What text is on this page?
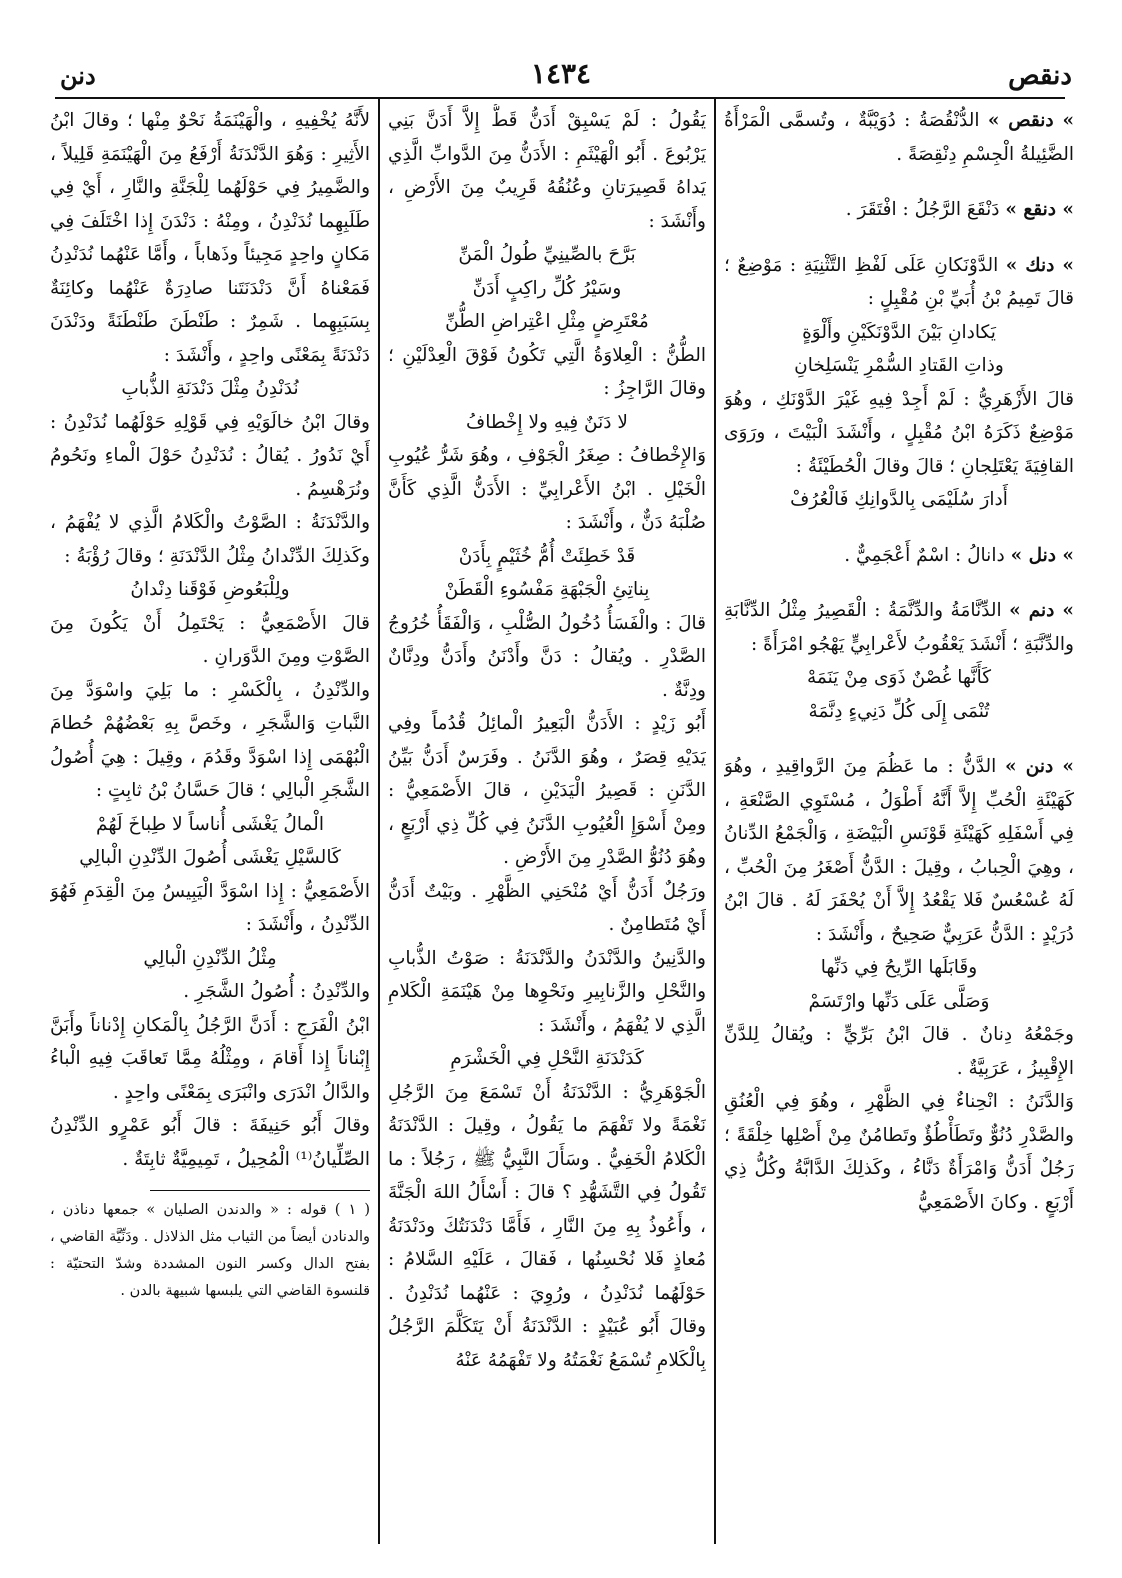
دنن	١٤٣٤	دنقص

» دنقص » الدُّنْقُصَةُ : دُوَيْبَّةٌ ، وتُسمَّى الْمَرْأَةُ الضَّئِيلةُ الْجِسْمِ دِنْقِصَةً .

» دنقع » دَنْقَعَ الرَّجُلُ : افْتَقَرَ .

» دنك » الدَّوْنَكانِ عَلَى لَفْظِ التَّثْنِيَةِ : مَوْضِعٌ ؛ قالَ تَمِيمُ بْنُ أُبَيِّ بْنِ مُقْبِلٍ :

يَكادانِ بَيْنَ الدَّوْنَكَيْنِ وأَلْوَةٍ

وذاتِ القَتادِ السُّمْرِ يَنْسَلِخانِ

قالَ الأَزْهَرِيُّ : لَمْ أَجِدْ فِيهِ غَيْرَ الدَّوْنَكِ ، وهُوَ مَوْضِعٌ ذَكَرَهُ ابْنُ مُقْبِلٍ ، وأَنْشَدَ الْبَيْتَ ، ورَوَى القافِيَةَ يَعْتَلِجانِ ؛ قالَ وقالَ الْحُطَيْئَةُ :

أَدارَ سُلَيْمَى بِالدَّوانِكِ فَالْعُرُفْ

» دنل » دانالُ : اسْمٌ أَعْجَمِيٌّ .

» دنم » الدِّنَّامَةُ والدِّنَّمَةُ : الْقَصِيرُ مِثْلُ الدِّنَّابَةِ والدِّنَّبَةِ ؛ أَنْشَدَ يَعْقُوبُ لأَعْرابِيٍّ يَهْجُو امْرَأَةً :

كَأَنَّها غُصْنٌ ذَوَى مِنْ يَنَمَهْ

تُنْمَى إِلَى كُلِّ دَنِيءٍ دِنَّمَهْ

» دنن » الدَّنُّ : ما عَظُمَ مِنَ الرَّواقِيدِ ، وهُوَ كَهَيْئَةِ الْحُبِّ إِلاَّ أَنَّهُ أَطْوَلُ ، مُسْتَوِي الصَّنْعَةِ ، فِي أَسْفَلِهِ كَهَيْئَةِ قَوْنَسِ الْبَيْضَةِ ، وَالْجَمْعُ الدِّنانُ ، وهِيَ الْحِبابُ ، وقِيلَ : الدَّنُّ أَصْغَرُ مِنَ الْحُبِّ ، لَهُ عُسْعُسٌ فَلا يَقْعُدُ إِلاَّ أَنْ يُحْفَرَ لَهُ . قالَ ابْنُ دُرَيْدٍ : الدَّنُّ عَرَبِيٌّ صَحِيحٌ ، وأَنْشَدَ :

وقَابَلَها الرِّيحُ فِي دَنِّها

وَصَلَّى عَلَى دَنِّها وارْتَسَمْ

وجَمْعُهُ دِنانٌ . قالَ ابْنُ بَرِّيٍّ : ويُقالُ لِلدَّنِّ الإِقْبِيزُ ، عَرَبِيَّةٌ .

وَالدَّنَنُ : انْحِناءٌ فِي الظَّهْرِ ، وهُوَ فِي الْعُنُقِ والصَّدْرِ دُنُوٌّ وتَطَأْطُؤٌ وتَطامُنٌ مِنْ أَصْلِها خِلْقَةً ؛ رَجُلٌ أَدَنُّ وَامْرَأَةٌ دَنَّاءُ ، وكَذلِكَ الدَّابَّةُ وكُلُّ ذِي أَرْبَعٍ . وكانَ الأَصْمَعِيُّ

يَقُولُ : لَمْ يَسْبِقْ أَدَنُّ قَطُّ إِلاَّ أَدَنَّ بَنِي يَرْبُوعَ . أَبُو الْهَيْثَمِ : الأَدَنُّ مِنَ الدَّوابِّ الَّذِي يَداهُ قَصِيرَتانِ وعُنُقُهُ قَرِيبٌ مِنَ الأَرْضِ ، وأَنْشَدَ :

بَرَّحَ بالصِّينِيِّ طُولُ الْمَنِّ

وسَيْرُ كُلِّ راكِبٍ أَدَنِّ

مُعْتَرِضٍ مِثْلِ اعْتِراضِ الطُّنِّ

الطُّنُّ : الْعِلاوَةُ الَّتِي تَكُونُ فَوْقَ الْعِدْلَيْنِ ؛ وقالَ الرَّاجِزُ :

لا دَنَنٌ فِيهِ ولا إِخْطافُ

وَالإِخْطافُ : صِغَرُ الْجَوْفِ ، وهُوَ شَرُّ عُيُوبِ الْخَيْلِ . ابْنُ الأَعْرابِيِّ : الأَدَنُّ الَّذِي كَأَنَّ صُلْبَهُ دَنٌّ ، وأَنْشَدَ :

قَدْ خَطِئَتْ أُمُّ خُثَيْمٍ بِأَدَنْ

بِناتِئِ الْجَبْهَةِ مَفْسُوءِ الْقَطَنْ

قالَ : والْفَسَأُ دُخُولُ الصُّلْبِ ، وَالْفَقَأُ خُرُوجُ الصَّدْرِ . ويُقالُ : دَنَّ وأَدْنَنُ وأَدَنُّ ودِنَّانٌ ودِنَّةٌ .

أَبُو زَيْدٍ : الأَدَنُّ الْبَعِيرُ الْمائِلُ قُدُماً وفِي يَدَيْهِ قِصَرٌ ، وهُوَ الدَّنَنُ . وفَرَسٌ أَدَنُّ بَيِّنُ الدَّنَنِ : قَصِيرُ الْيَدَيْنِ ، قالَ الأَصْمَعِيُّ : ومِنْ أَسْوَإِ الْعُيُوبِ الدَّنَنُ فِي كُلِّ ذِي أَرْبَعٍ ، وهُوَ دُنُوُّ الصَّدْرِ مِنَ الأَرْضِ .

ورَجُلٌ أَدَنُّ أَيْ مُنْحَنِي الظَّهْرِ . وبَيْتٌ أَدَنُّ أَيْ مُتَطامِنٌ .

والدَّنِينُ والدَّنْدَنُ والدَّنْدَنَةُ : صَوْتُ الذُّبابِ والنَّحْلِ والزَّنابِيرِ ونَحْوِها مِنْ هَيْنَمَةِ الْكَلامِ الَّذِي لا يُفْهَمُ ، وأَنْشَدَ :

كَدَنْدَنَةِ النَّحْلِ فِي الْخَشْرَمِ

الْجَوْهَرِيُّ : الدَّنْدَنَةُ أَنْ تَسْمَعَ مِنَ الرَّجُلِ نَغْمَةً ولا تَفْهَمَ ما يَقُولُ ، وقِيلَ : الدَّنْدَنَةُ الْكَلامُ الْخَفِيُّ . وسَأَلَ النَّبِيُّ ﷺ ، رَجُلاً : ما تَقُولُ فِي التَّشَهُّدِ ؟ قالَ : أَسْأَلُ اللهَ الْجَنَّةَ ، وأَعُوذُ بِهِ مِنَ النَّارِ ، فَأَمَّا دَنْدَنَتُكَ ودَنْدَنَةُ مُعاذٍ فَلا نُحْسِنُها ، فَقالَ ، عَلَيْهِ السَّلامُ : حَوْلَهُما نُدَنْدِنُ ، ورُوِيَ : عَنْهُما نُدَنْدِنُ . وقالَ أَبُو عُبَيْدٍ : الدَّنْدَنَةُ أَنْ يَتَكَلَّمَ الرَّجُلُ بِالْكَلامِ تُسْمَعُ نَغْمَتُهُ ولا تَفْهَمُهُ عَنْهُ

لأَنَّهُ يُخْفِيهِ ، والْهَيْنَمَةُ نَحْوٌ مِنْها ؛ وقالَ ابْنُ الأَثِيرِ : وَهُوَ الدَّنْدَنَةُ أَرْفَعُ مِنَ الْهَيْنَمَةِ قَلِيلاً ، والضَّمِيرُ فِي حَوْلَهُما لِلْجَنَّةِ والنَّارِ ، أَيْ فِي طَلَبِهِما نُدَنْدِنُ ، ومِنْهُ : دَنْدَنَ إِذا اخْتَلَفَ فِي مَكانٍ واحِدٍ مَجِيئاً وذَهاباً ، وأَمَّا عَنْهُما نُدَنْدِنُ فَمَعْناهُ أَنَّ دَنْدَنَتَنا صادِرَةٌ عَنْهُما وكائِنَةٌ بِسَبَبِهِما . شَمِرٌ : طَنْطَنَ طَنْطَنَةً ودَنْدَنَ دَنْدَنَةً بِمَعْنًى واحِدٍ ، وأَنْشَدَ :

نُدَنْدِنُ مِثْلَ دَنْدَنَةِ الذُّبابِ

وقالَ ابْنُ خالَوَيْهِ فِي قَوْلِهِ حَوْلَهُما نُدَنْدِنُ : أَيْ نَدُورُ . يُقالُ : نُدَنْدِنُ حَوْلَ الْماءِ ونَحُومُ ونُرَهْسِمُ .

والدَّنْدَنَةُ : الصَّوْتُ والْكَلامُ الَّذِي لا يُفْهَمُ ، وكَذلِكَ الدِّنْدانُ مِثْلُ الدَّنْدَنَةِ ؛ وقالَ رُؤْبَةُ :

ولِلْبَعُوضِ فَوْقَنا دِنْدانُ

قالَ الأَصْمَعِيُّ : يَحْتَمِلُ أَنْ يَكُونَ مِنَ الصَّوْتِ ومِنَ الدَّوَرانِ .

والدِّنْدِنُ ، بِالْكَسْرِ : ما بَلِيَ واسْوَدَّ مِنَ النَّباتِ وَالشَّجَرِ ، وخَصَّ بِهِ بَعْضُهُمْ حُطامَ الْبُهْمَى إِذا اسْوَدَّ وقَدُمَ ، وقِيلَ : هِيَ أُصُولُ الشَّجَرِ الْبالِي ؛ قالَ حَسَّانُ بْنُ ثابِتٍ :

الْمالُ يَغْشَى أُناساً لا طِباخَ لَهُمْ

كَالسَّيْلِ يَغْشَى أُصُولَ الدِّنْدِنِ الْبالِي

الأَصْمَعِيُّ : إِذا اسْوَدَّ الْيَبِيسُ مِنَ الْقِدَمِ فَهُوَ الدِّنْدِنُ ، وأَنْشَدَ :

مِثْلُ الدِّنْدِنِ الْبالِي

والدِّنْدِنُ : أُصُولُ الشَّجَرِ .

ابْنُ الْفَرَجِ : أَدَنَّ الرَّجُلُ بِالْمَكانِ إِدْناناً وأَبَنَّ إِبْناناً إِذا أَقامَ ، ومِثْلُهُ مِمَّا تَعاقَبَ فِيهِ الْباءُ والدَّالُ انْدَرَى وانْبَرَى بِمَعْنًى واحِدٍ .

وقالَ أَبُو حَنِيفَةَ : قالَ أَبُو عَمْرٍو الدِّنْدِنُ الصِّلِّيانُ⁽¹⁾ الْمُحِيلُ ، تَمِيمِيَّةٌ ثابِتَةٌ .

( ١ ) قوله : « والدندن الصليان » جمعها دناذن ، والدنادن أيضاً من الثياب مثل الذلاذل . ودَنِّيَّة القاضي ، بفتح الدال وكسر النون المشددة وشدّ التحتيّة : قلنسوة القاضي التي يلبسها شبيهة بالدن .
